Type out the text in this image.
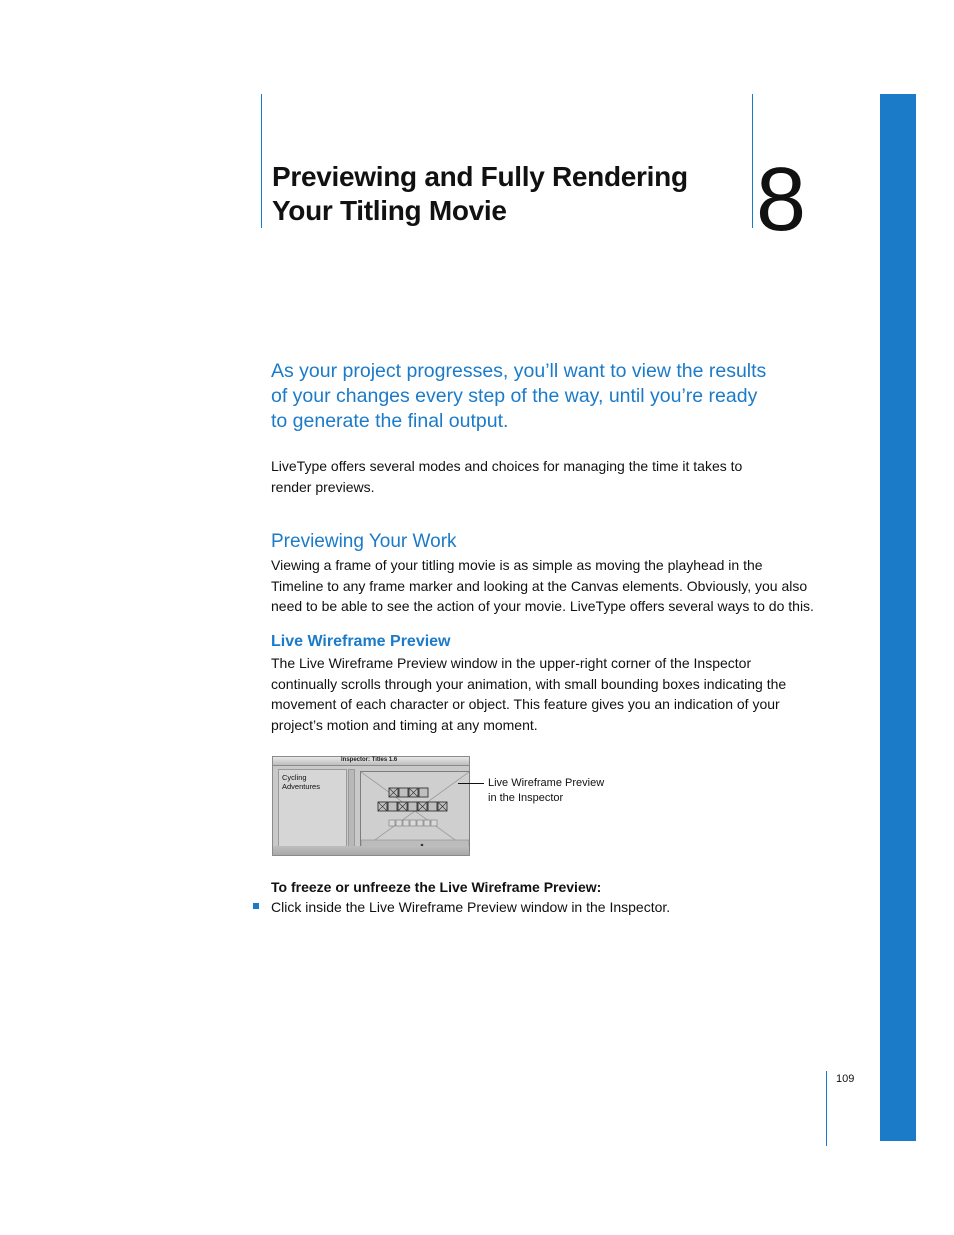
Previewing and Fully Rendering
Your Titling Movie	8
As your project progresses, you’ll want to view the results
of your changes every step of the way, until you’re ready
to generate the final output.
LiveType offers several modes and choices for managing the time it takes to
render previews.
Previewing Your Work
Viewing a frame of your titling movie is as simple as moving the playhead in the
Timeline to any frame marker and looking at the Canvas elements. Obviously, you also
need to be able to see the action of your movie. LiveType offers several ways to do this.
Live Wireframe Preview
The Live Wireframe Preview window in the upper-right corner of the Inspector
continually scrolls through your animation, with small bounding boxes indicating the
movement of each character or object. This feature gives you an indication of your
project’s motion and timing at any moment.
Inspector: Titles 1.6
Cycling
Adventures	Live Wireframe Preview
in the Inspector
To freeze or unfreeze the Live Wireframe Preview:
Click inside the Live Wireframe Preview window in the Inspector.
109
